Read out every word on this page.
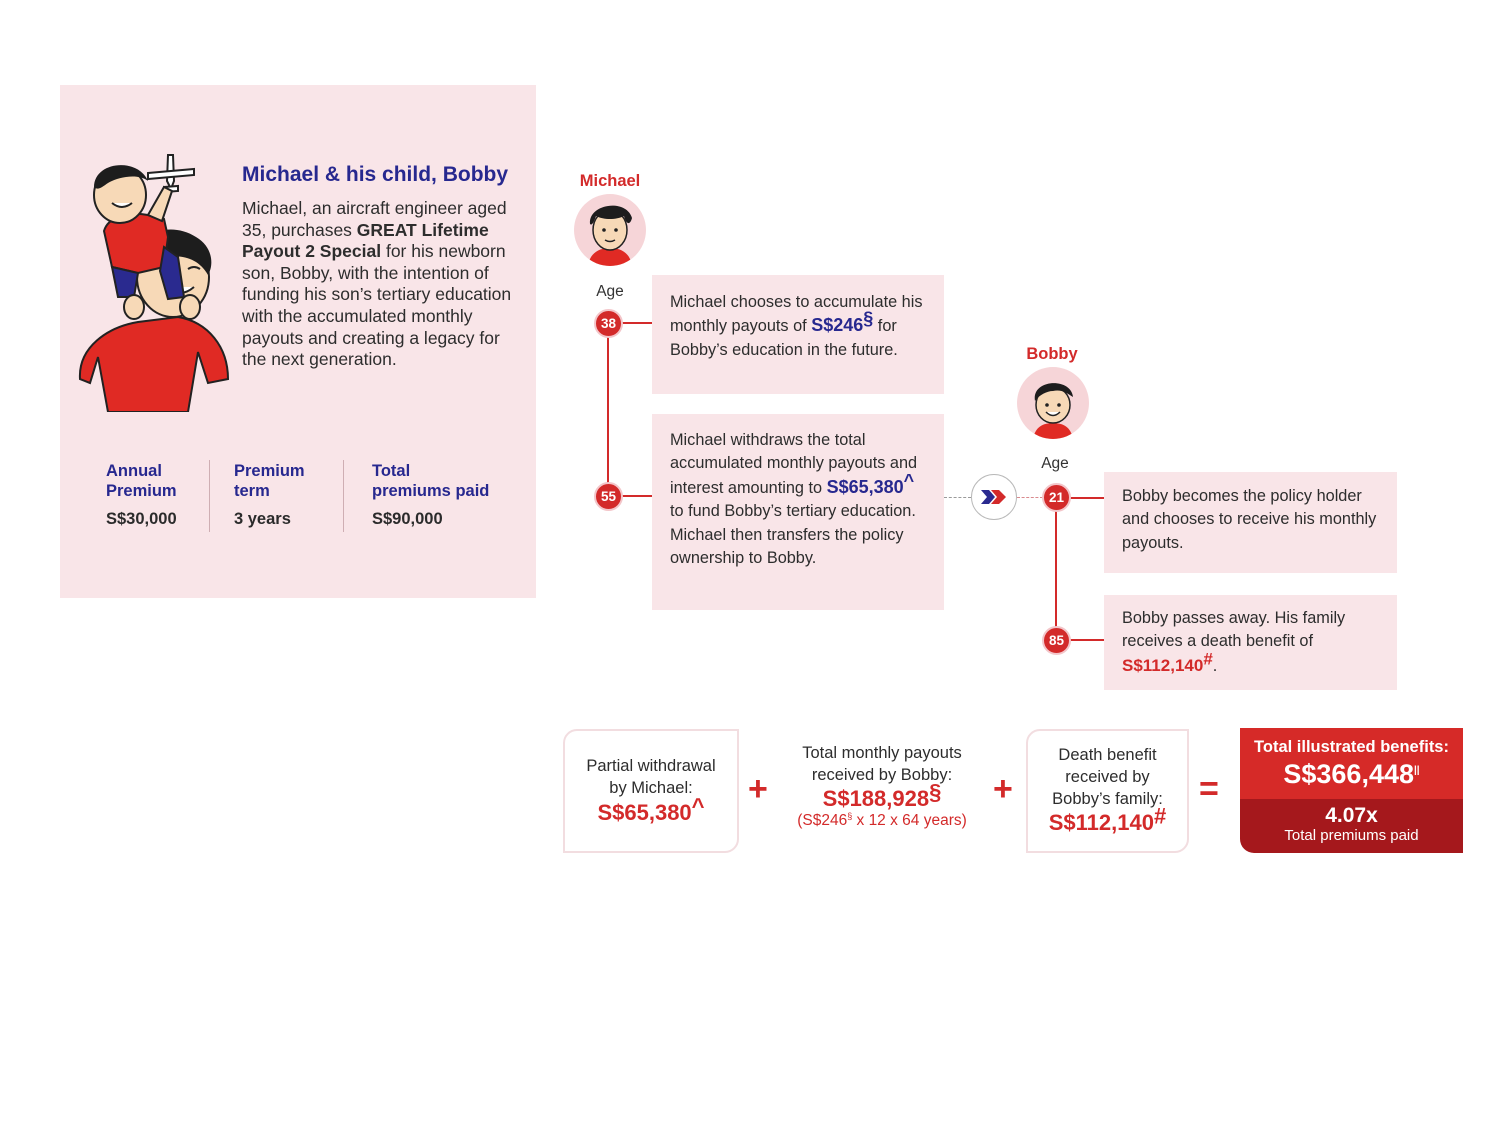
Michael & his child, Bobby
Michael, an aircraft engineer aged 35, purchases GREAT Lifetime Payout 2 Special for his newborn son, Bobby, with the intention of funding his son’s tertiary education with the accumulated monthly payouts and creating a legacy for the next generation.
Annual
Premium
S$30,000
Premium
term
3 years
Total
premiums paid
S$90,000
Michael
Age
38
55
Michael chooses to accumulate his monthly payouts of S$246§ for Bobby’s education in the future.
Michael withdraws the total accumulated monthly payouts and interest amounting to S$65,380^ to fund Bobby’s tertiary education. Michael then transfers the policy ownership to Bobby.
Bobby
Age
21
85
Bobby becomes the policy holder and chooses to receive his monthly payouts.
Bobby passes away. His family receives a death benefit of S$112,140#.
Partial withdrawal
by Michael:
S$65,380^	+
Total monthly payouts
received by Bobby:
S$188,928§
(S$246§ x 12 x 64 years)
+
Death benefit
received by
Bobby’s family:
S$112,140#
=
Total illustrated benefits:
S$366,448||
4.07x
Total premiums paid
